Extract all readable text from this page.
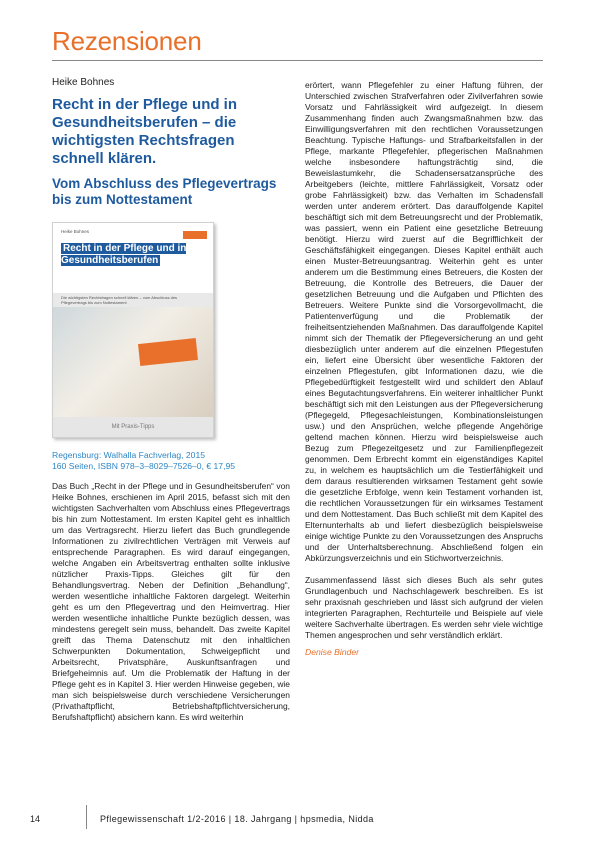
Rezensionen
Heike Bohnes
Recht in der Pflege und in Gesundheitsberufen – die wichtigsten Rechtsfragen schnell klären.
Vom Abschluss des Pflegevertrags bis zum Nottestament
Heike Bohnes
Recht in der Pflege und in Gesundheitsberufen
Die wichtigsten Rechtsfragen schnell klären – vom Abschluss des Pflegevertrags bis zum Nottestament
Mit Praxis-Tipps
Regensburg: Walhalla Fachverlag, 2015
160 Seiten, ISBN 978–3–8029–7526–0, € 17,95

Das Buch „Recht in der Pflege und in Gesundheitsberufen“ von Heike Bohnes, erschienen im April 2015, befasst sich mit den wichtigsten Sachverhalten vom Abschluss eines Pflegevertrags bis hin zum Nottestament. Im ersten Kapitel geht es inhaltlich um das Vertragsrecht. Hierzu liefert das Buch grundlegende Informationen zu zivilrechtlichen Verträgen mit Verweis auf entsprechende Paragraphen. Es wird darauf eingegangen, welche Angaben ein Arbeitsvertrag enthalten sollte inklusive nützlicher Praxis-Tipps. Gleiches gilt für den Behandlungsvertrag. Neben der Definition „Behandlung“, werden wesentliche inhaltliche Faktoren dargelegt. Weiterhin geht es um den Pflegevertrag und den Heimvertrag. Hier werden wesentliche inhaltliche Punkte bezüglich dessen, was mindestens geregelt sein muss, behandelt. Das zweite Kapitel greift das Thema Datenschutz mit den inhaltlichen Schwerpunkten Dokumentation, Schweigepflicht und Arbeitsrecht, Privatsphäre, Auskunftsanfragen und Briefgeheimnis auf. Um die Problematik der Haftung in der Pflege geht es in Kapitel 3. Hier werden Hinweise gegeben, wie man sich beispielsweise durch verschiedene Versicherungen (Privathaftpflicht, Betriebshaftpflichtversicherung, Berufshaftpflicht) absichern kann. Es wird weiterhin

erörtert, wann Pflegefehler zu einer Haftung führen, der Unterschied zwischen Strafverfahren oder Zivilverfahren sowie Vorsatz und Fahrlässigkeit wird aufgezeigt. In diesem Zusammenhang finden auch Zwangsmaßnahmen bzw. das Einwilligungsverfahren mit den rechtlichen Voraussetzungen Beachtung. Typische Haftungs- und Strafbarkeitsfallen in der Pflege, markante Pflegefehler, pflegerischen Maßnahmen welche insbesondere haftungsträchtig sind, die Beweislastumkehr, die Schadensersatzansprüche des Arbeitgebers (leichte, mittlere Fahrlässigkeit, Vorsatz oder grobe Fahrlässigkeit) bzw. das Verhalten im Schadensfall werden unter anderem erörtert. Das darauffolgende Kapitel beschäftigt sich mit dem Betreuungsrecht und der Problematik, was passiert, wenn ein Patient eine gesetzliche Betreuung benötigt. Hierzu wird zuerst auf die Begrifflichkeit der Geschäftsfähigkeit eingegangen. Dieses Kapitel enthält auch einen Muster-Betreuungsantrag. Weiterhin geht es unter anderem um die Bestimmung eines Betreuers, die Kosten der Betreuung, die Kontrolle des Betreuers, die Dauer der gesetzlichen Betreuung und die Aufgaben und Pflichten des Betreuers. Weitere Punkte sind die Vorsorgevollmacht, die Patientenverfügung und die Problematik der freiheitsentziehenden Maßnahmen. Das darauffolgende Kapitel nimmt sich der Thematik der Pflegeversicherung an und geht diesbezüglich unter anderem auf die einzelnen Pflegestufen ein, liefert eine Übersicht über wesentliche Faktoren der einzelnen Pflegestufen, gibt Informationen dazu, wie die Pflegebedürftigkeit festgestellt wird und schildert den Ablauf eines Begutachtungsverfahrens. Ein weiterer inhaltlicher Punkt beschäftigt sich mit den Leistungen aus der Pflegeversicherung (Pflegegeld, Pflegesachleistungen, Kombinationsleistungen usw.) und den Ansprüchen, welche pflegende Angehörige geltend machen können. Hierzu wird beispielsweise auch Bezug zum Pflegezeitgesetz und zur Familienpflegezeit genommen. Dem Erbrecht kommt ein eigenständiges Kapitel zu, in welchem es hauptsächlich um die Testierfähigkeit und dem daraus resultierenden wirksamen Testament geht sowie die gesetzliche Erbfolge, wenn kein Testament vorhanden ist, die rechtlichen Voraussetzungen für ein wirksames Testament und dem Nottestament. Das Buch schließt mit dem Kapitel des Elternunterhalts ab und liefert diesbezüglich beispielsweise einige wichtige Punkte zu den Voraussetzungen des Anspruchs und der Unterhaltsberechnung. Abschließend folgen ein Abkürzungsverzeichnis und ein Stichwortverzeichnis.

Zusammenfassend lässt sich dieses Buch als sehr gutes Grundlagenbuch und Nachschlagewerk beschreiben. Es ist sehr praxisnah geschrieben und lässt sich aufgrund der vielen integrierten Paragraphen, Rechturteile und Beispiele auf viele weitere Sachverhalte übertragen. Es werden sehr viele wichtige Themen angesprochen und sehr verständlich erklärt.

Denise Binder
14	Pflegewissenschaft 1/2-2016 | 18. Jahrgang | hpsmedia, Nidda
